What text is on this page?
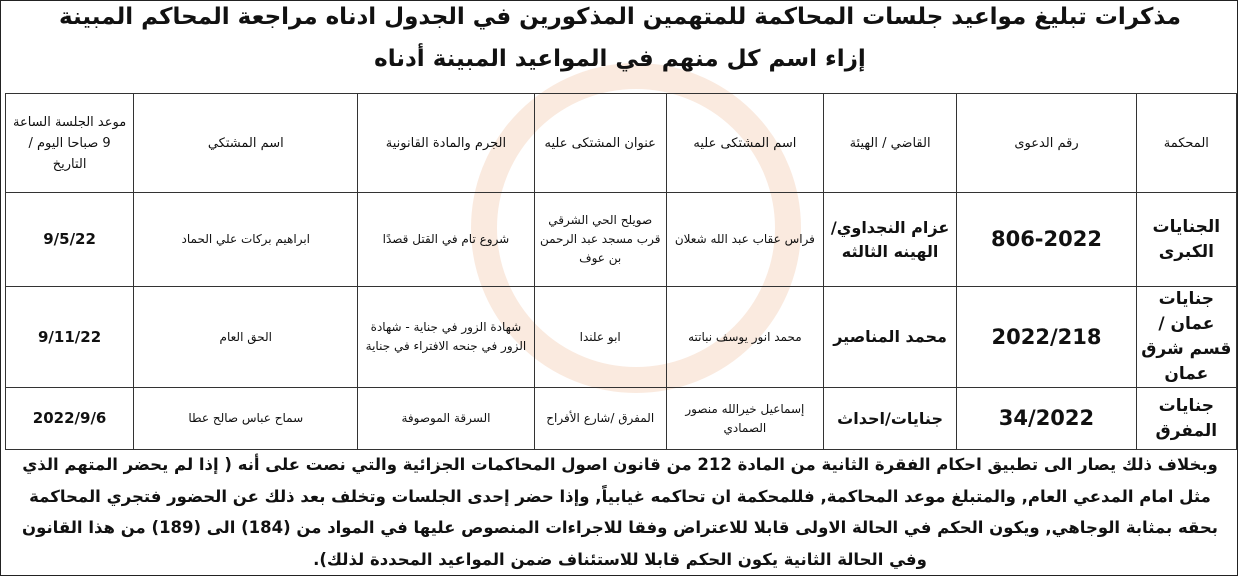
مذكرات تبليغ مواعيد جلسات المحاكمة للمتهمين المذكورين في الجدول ادناه مراجعة المحاكم المبينة
إزاء اسم كل منهم في المواعيد المبينة أدناه
المحكمة	رقم الدعوى	القاضي / الهيئة	اسم المشتكى عليه	عنوان المشتكى عليه	الجرم والمادة القانونية	اسم المشتكي	موعد الجلسة الساعة 9 صباحا اليوم / التاريخ
الجنايات الكبرى	806-2022	عزام النجداوي/الهينه الثالثه	فراس عقاب عبد الله شعلان	صويلح الحي الشرقي قرب مسجد عبد الرحمن بن عوف	شروع تام في القتل قصدًا	ابراهيم بركات علي الحماد	9/5/22
جنايات عمان / قسم شرق عمان	2022/218	محمد المناصير	محمد انور يوسف نباتته	ابو علندا	شهادة الزور في جناية - شهادة الزور في جنحه الافتراء في جناية	الحق العام	9/11/22
جنايات المفرق	34/2022	جنايات/احداث	إسماعيل خيرالله منصور الصمادي	المفرق /شارع الأفراح	السرقة الموصوفة	سماح عباس صالح عطا	2022/9/6
وبخلاف ذلك يصار الى تطبيق احكام الفقرة الثانية من المادة 212 من قانون اصول المحاكمات الجزائية والتي نصت على أنه ( إذا لم يحضر المتهم الذي مثل امام المدعي العام, والمتبلغ موعد المحاكمة, فللمحكمة ان تحاكمه غيابياً, وإذا حضر إحدى الجلسات وتخلف بعد ذلك عن الحضور فتجري المحاكمة بحقه بمثابة الوجاهي, ويكون الحكم في الحالة الاولى قابلا للاعتراض وفقا للاجراءات المنصوص عليها في المواد من (184) الى (189) من هذا القانون وفي الحالة الثانية يكون الحكم قابلا للاستئناف ضمن المواعيد المحددة لذلك).
